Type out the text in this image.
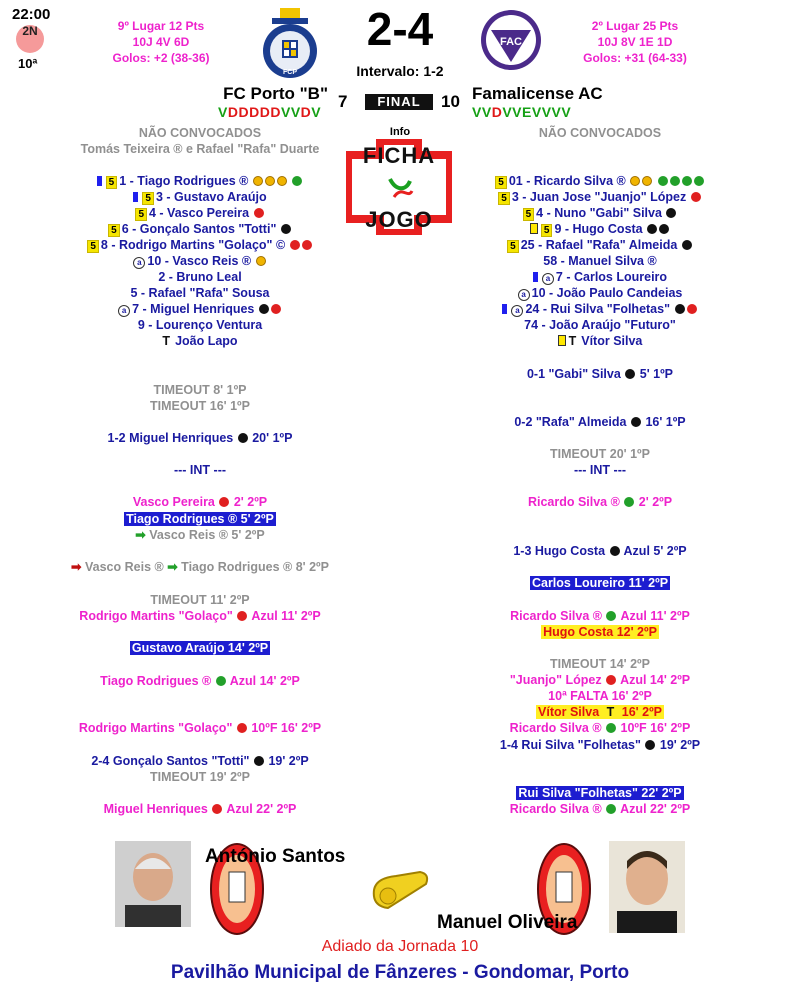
22:00
2N
10ª
9º Lugar 12 Pts
10J 4V 6D
Golos: +2 (38-36)
FCP
2-4
Intervalo: 1-2
FAC
2º Lugar 25 Pts
10J 8V 1E 1D
Golos: +31 (64-33)
FC Porto "B" 7	FINAL	10 Famalicense AC
VDDDDDVVDV	VVDVVEVVVV
Info
FICHA
JOGO
NÃO CONVOCADOS
Tomás Teixeira ® e Rafael "Rafa" Duarte
NÃO CONVOCADOS
5 1 - Tiago Rodrigues ®
5 3 - Gustavo Araújo
5 4 - Vasco Pereira
5 6 - Gonçalo Santos "Totti"
5 8 - Rodrigo Martins "Golaço" ©
a 10 - Vasco Reis ®
2 - Bruno Leal
5 - Rafael "Rafa" Sousa
a 7 - Miguel Henriques
9 - Lourenço Ventura
T João Lapo
5 01 - Ricardo Silva ®
5 3 - Juan Jose "Juanjo" López
5 4 - Nuno "Gabi" Silva
5 9 - Hugo Costa
5 25 - Rafael "Rafa" Almeida
58 - Manuel Silva ®
a 7 - Carlos Loureiro
a 10 - João Paulo Candeias
a 24 - Rui Silva "Folhetas"
74 - João Araújo "Futuro"
T Vítor Silva
TIMEOUT 8' 1ºP
TIMEOUT 16' 1ºP
1-2 Miguel Henriques 20' 1ºP
--- INT ---
Vasco Pereira 2' 2ºP
Tiago Rodrigues ® 5' 2ºP
➡ Vasco Reis ® 5' 2ºP
➡ Vasco Reis ® ➡ Tiago Rodrigues ® 8' 2ºP
TIMEOUT 11' 2ºP
Rodrigo Martins "Golaço" Azul 11' 2ºP
Gustavo Araújo 14' 2ºP
Tiago Rodrigues ® Azul 14' 2ºP
Rodrigo Martins "Golaço" 10ºF 16' 2ºP
2-4 Gonçalo Santos "Totti" 19' 2ºP
TIMEOUT 19' 2ºP
Miguel Henriques Azul 22' 2ºP
0-1 "Gabi" Silva 5' 1ºP
0-2 "Rafa" Almeida 16' 1ºP
TIMEOUT 20' 1ºP
--- INT ---
Ricardo Silva ® 2' 2ºP
1-3 Hugo Costa Azul 5' 2ºP
Carlos Loureiro 11' 2ºP
Ricardo Silva ® Azul 11' 2ºP
Hugo Costa 12' 2ºP
TIMEOUT 14' 2ºP
"Juanjo" López Azul 14' 2ºP
10ª FALTA 16' 2ºP
Vítor Silva T 16' 2ºP
Ricardo Silva ® 10ºF 16' 2ºP
1-4 Rui Silva "Folhetas" 19' 2ºP
Rui Silva "Folhetas" 22' 2ºP
Ricardo Silva ® Azul 22' 2ºP
António Santos
Manuel Oliveira
Adiado da Jornada 10
Pavilhão Municipal de Fânzeres - Gondomar, Porto
